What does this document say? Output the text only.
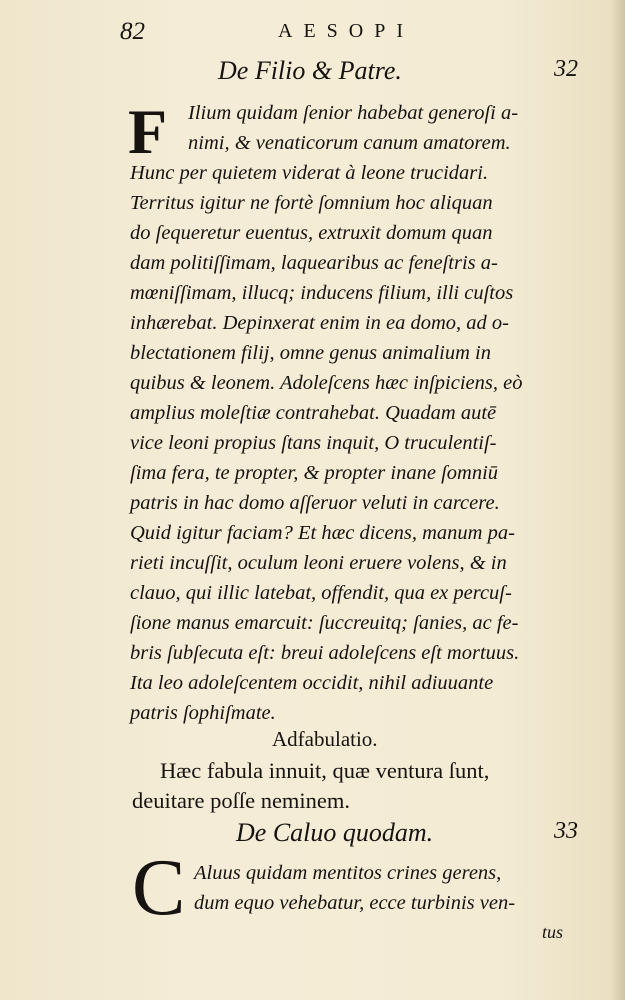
82	AESOPI
De Filio & Patre.	32
F Ilium quidam ſenior habebat generoſi a-
nimi, & venaticorum canum amatorem.
Hunc per quietem viderat à leone trucidari.
Territus igitur ne fortè ſomnium hoc aliquan
do ſequeretur euentus, extruxit domum quan
dam politiſſimam, laquearibus ac feneſtris a-
mœniſſimam, illucq; inducens filium, illi cuſtos
inhærebat. Depinxerat enim in ea domo, ad o-
blectationem filij, omne genus animalium in
quibus & leonem. Adoleſcens hæc inſpiciens, eò
amplius moleſtiæ contrahebat. Quadam autē
vice leoni propius ſtans inquit, O truculentiſ-
ſima fera, te propter, & propter inane ſomniū
patris in hac domo aſſeruor veluti in carcere.
Quid igitur faciam? Et hæc dicens, manum pa-
rieti incuſſit, oculum leoni eruere volens, & in
clauo, qui illic latebat, offendit, qua ex percuſ-
ſione manus emarcuit: ſuccreuitq; ſanies, ac fe-
bris ſubſecuta eſt: breui adoleſcens eſt mortuus.
Ita leo adoleſcentem occidit, nihil adiuuante
patris ſophiſmate.
Adfabulatio.
Hæc fabula innuit, quæ ventura ſunt,
deuitare poſſe neminem.
De Caluo quodam.	33
C Aluus quidam mentitos crines gerens,
dum equo vehebatur, ecce turbinis ven-
tus
